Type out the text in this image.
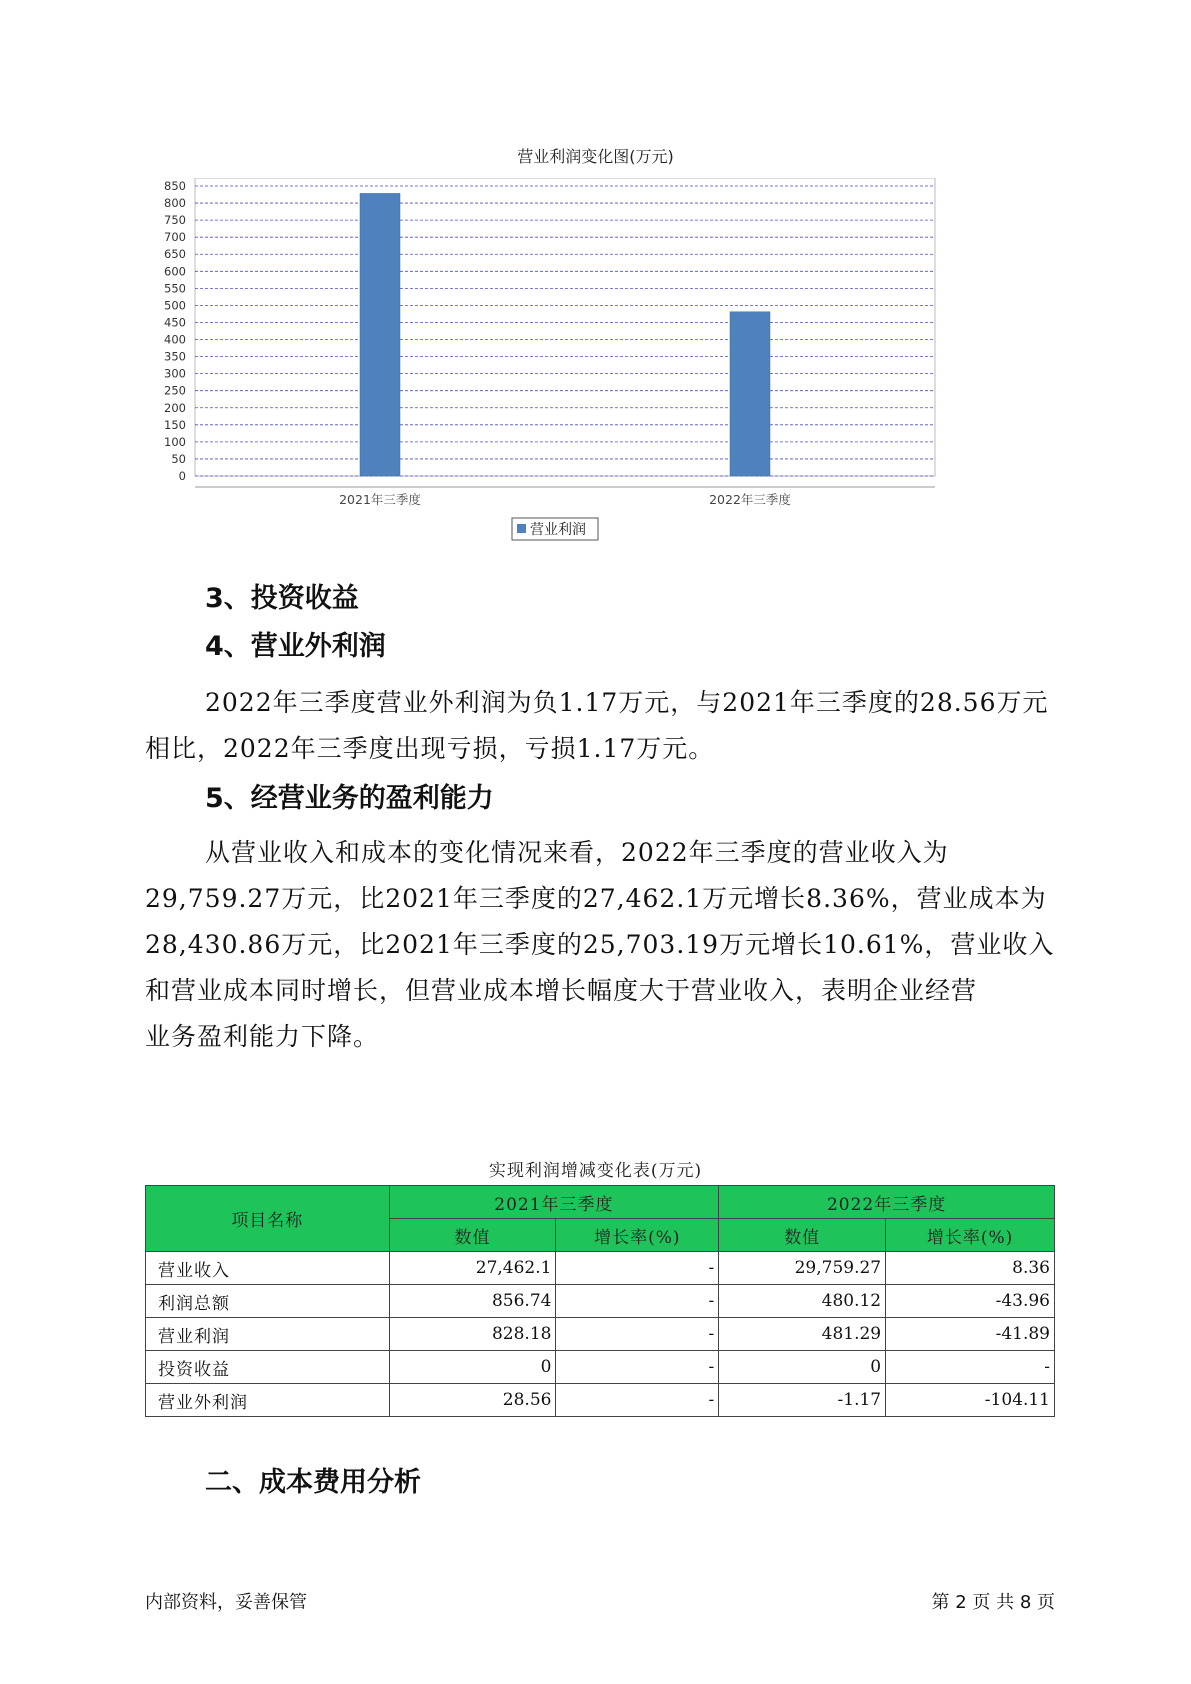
营业利润变化图(万元)
0
50
100
150
200
250
300
350
400
450
500
550
600
650
700
750
800
850
2021年三季度	2022年三季度
营业利润
3、投资收益
4、营业外利润
2022年三季度营业外利润为负1.17万元，与2021年三季度的28.56万元
相比，2022年三季度出现亏损，亏损1.17万元。
5、经营业务的盈利能力
从营业收入和成本的变化情况来看，2022年三季度的营业收入为
29,759.27万元，比2021年三季度的27,462.1万元增长8.36%，营业成本为
28,430.86万元，比2021年三季度的25,703.19万元增长10.61%，营业收入
和营业成本同时增长，但营业成本增长幅度大于营业收入，表明企业经营
业务盈利能力下降。
实现利润增减变化表(万元)
项目名称	2021年三季度		2022年三季度	
	数值	增长率(%)	数值	增长率(%)
营业收入	27,462.1	-	29,759.27	8.36
利润总额	856.74	-	480.12	-43.96
营业利润	828.18	-	481.29	-41.89
投资收益	0	-	0	-
营业外利润	28.56	-	-1.17	-104.11
二、成本费用分析
内部资料，妥善保管	第 2 页 共 8 页
